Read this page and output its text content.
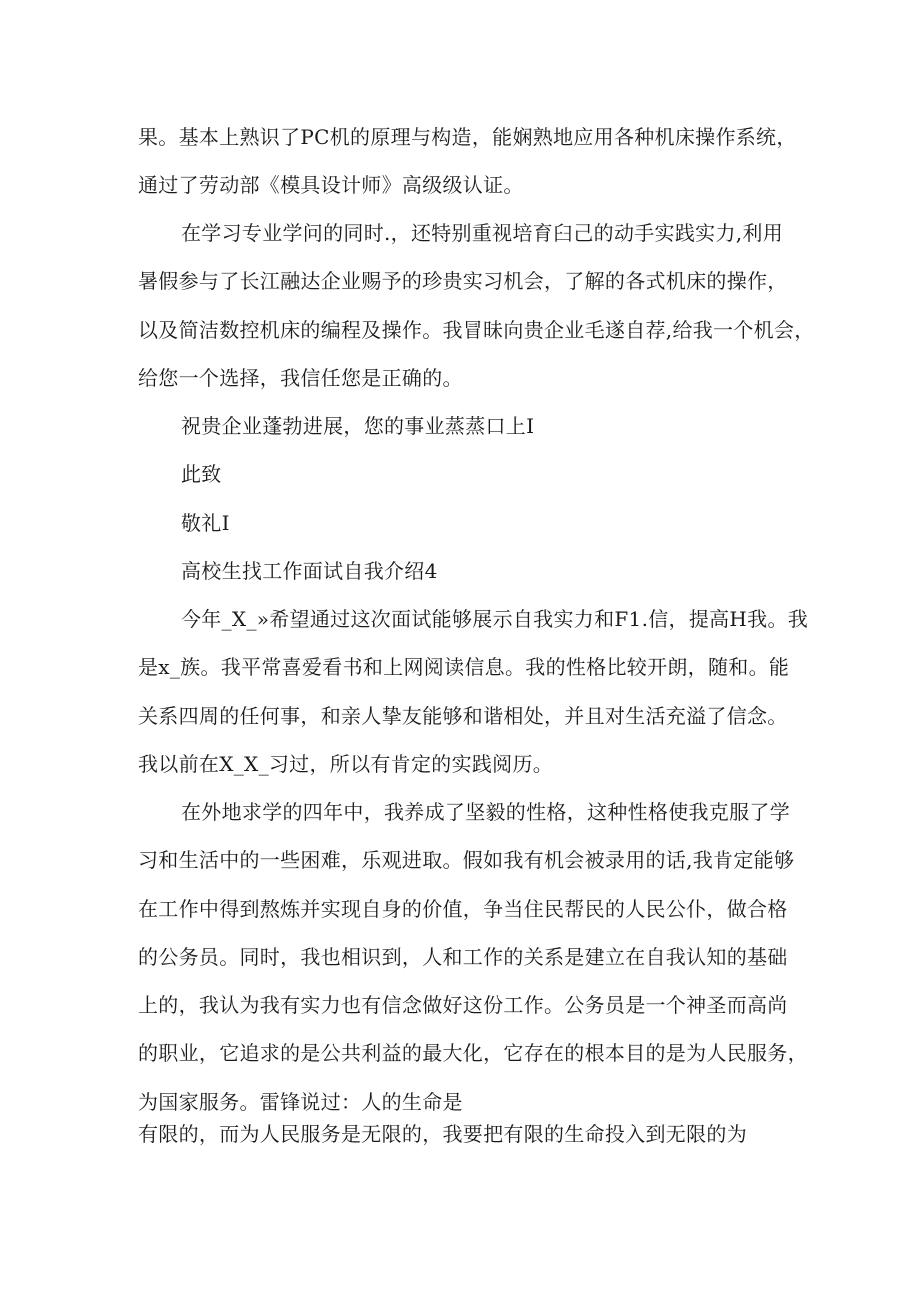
果。基本上熟识了PC机的原理与构造，能娴熟地应用各种机床操作系统，
通过了劳动部《模具设计师》高级级认证。
在学习专业学问的同时.，还特别重视培育臼己的动手实践实力,利用
暑假参与了长江融达企业赐予的珍贵实习机会，了解的各式机床的操作，
以及简洁数控机床的编程及操作。我冒昧向贵企业毛遂自荐,给我一个机会，
给您一个选择，我信任您是正确的。
祝贵企业蓬勃进展，您的事业蒸蒸口上I
此致
敬礼I
高校生找工作面试自我介绍4
今年_X_»希望通过这次面试能够展示自我实力和F1.信，提高H我。我
是x_族。我平常喜爱看书和上网阅读信息。我的性格比较开朗，随和。能
关系四周的任何事，和亲人挚友能够和谐相处，并且对生活充溢了信念。
我以前在X_X_习过，所以有肯定的实践阅历。
在外地求学的四年中，我养成了坚毅的性格，这种性格使我克服了学
习和生活中的一些困难，乐观进取。假如我有机会被录用的话,我肯定能够
在工作中得到熬炼并实现自身的价值，争当住民帮民的人民公仆，做合格
的公务员。同时，我也相识到，人和工作的关系是建立在自我认知的基础
上的，我认为我有实力也有信念做好这份工作。公务员是一个神圣而高尚
的职业，它追求的是公共利益的最大化，它存在的根本目的是为人民服务，
为国家服务。雷锋说过：人的生命是
有限的，而为人民服务是无限的，我要把有限的生命投入到无限的为
